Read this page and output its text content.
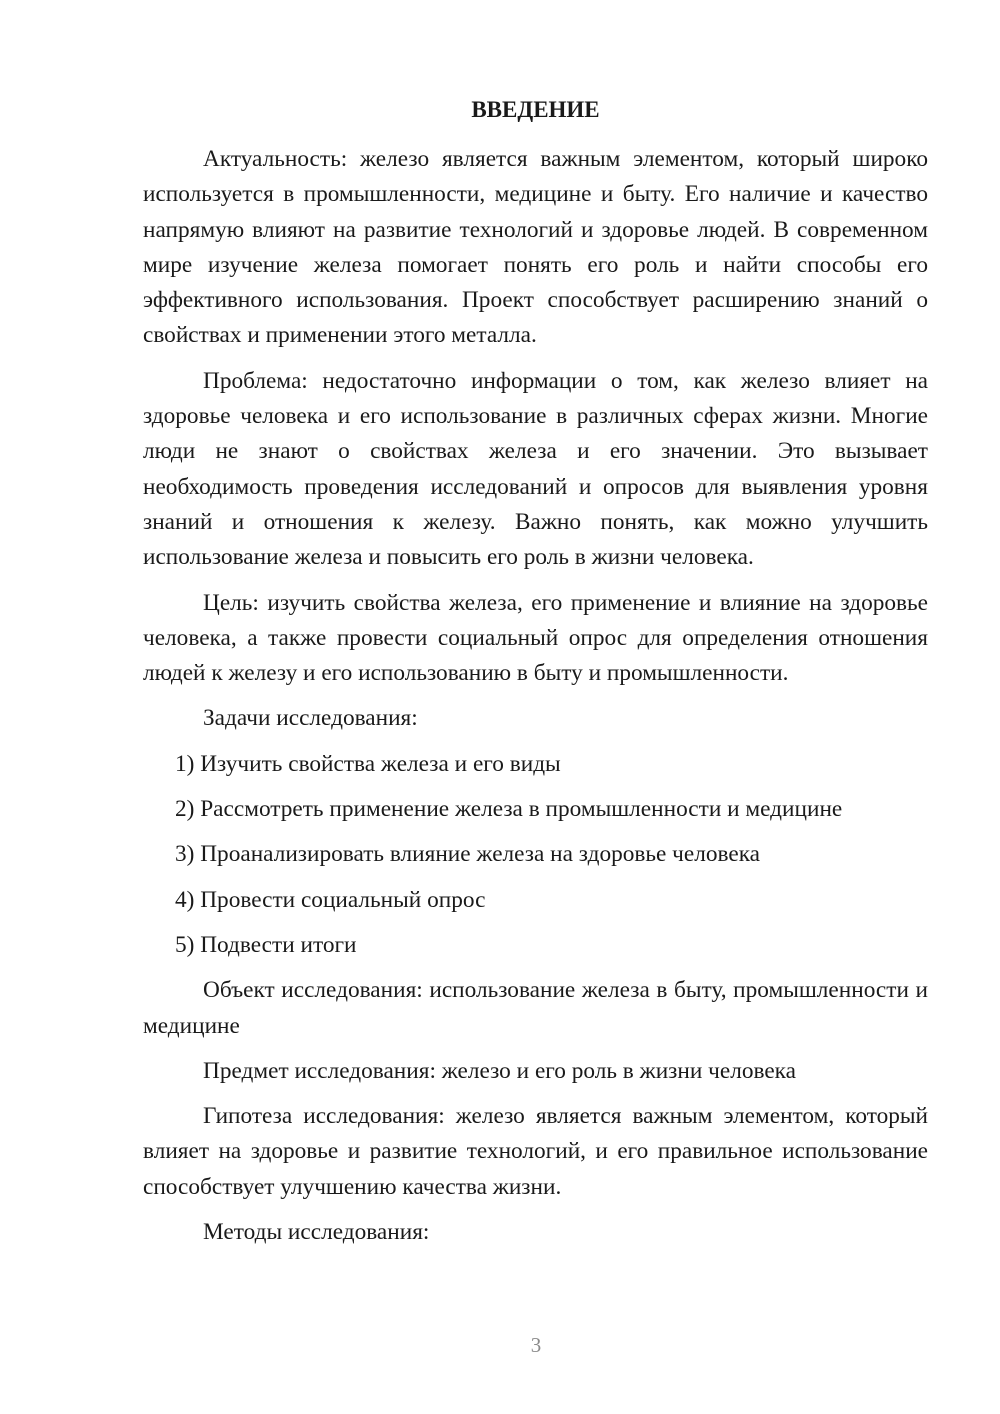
ВВЕДЕНИЕ

Актуальность: железо является важным элементом, который широко используется в промышленности, медицине и быту. Его наличие и качество напрямую влияют на развитие технологий и здоровье людей. В современном мире изучение железа помогает понять его роль и найти способы его эффективного использования. Проект способствует расширению знаний о свойствах и применении этого металла.

Проблема: недостаточно информации о том, как железо влияет на здоровье человека и его использование в различных сферах жизни. Многие люди не знают о свойствах железа и его значении. Это вызывает необходимость проведения исследований и опросов для выявления уровня знаний и отношения к железу. Важно понять, как можно улучшить использование железа и повысить его роль в жизни человека.

Цель: изучить свойства железа, его применение и влияние на здоровье человека, а также провести социальный опрос для определения отношения людей к железу и его использованию в быту и промышленности.

Задачи исследования:

1) Изучить свойства железа и его виды
2) Рассмотреть применение железа в промышленности и медицине
3) Проанализировать влияние железа на здоровье человека
4) Провести социальный опрос
5) Подвести итоги

Объект исследования: использование железа в быту, промышленности и медицине

Предмет исследования: железо и его роль в жизни человека

Гипотеза исследования: железо является важным элементом, который влияет на здоровье и развитие технологий, и его правильное использование способствует улучшению качества жизни.

Методы исследования:

3
